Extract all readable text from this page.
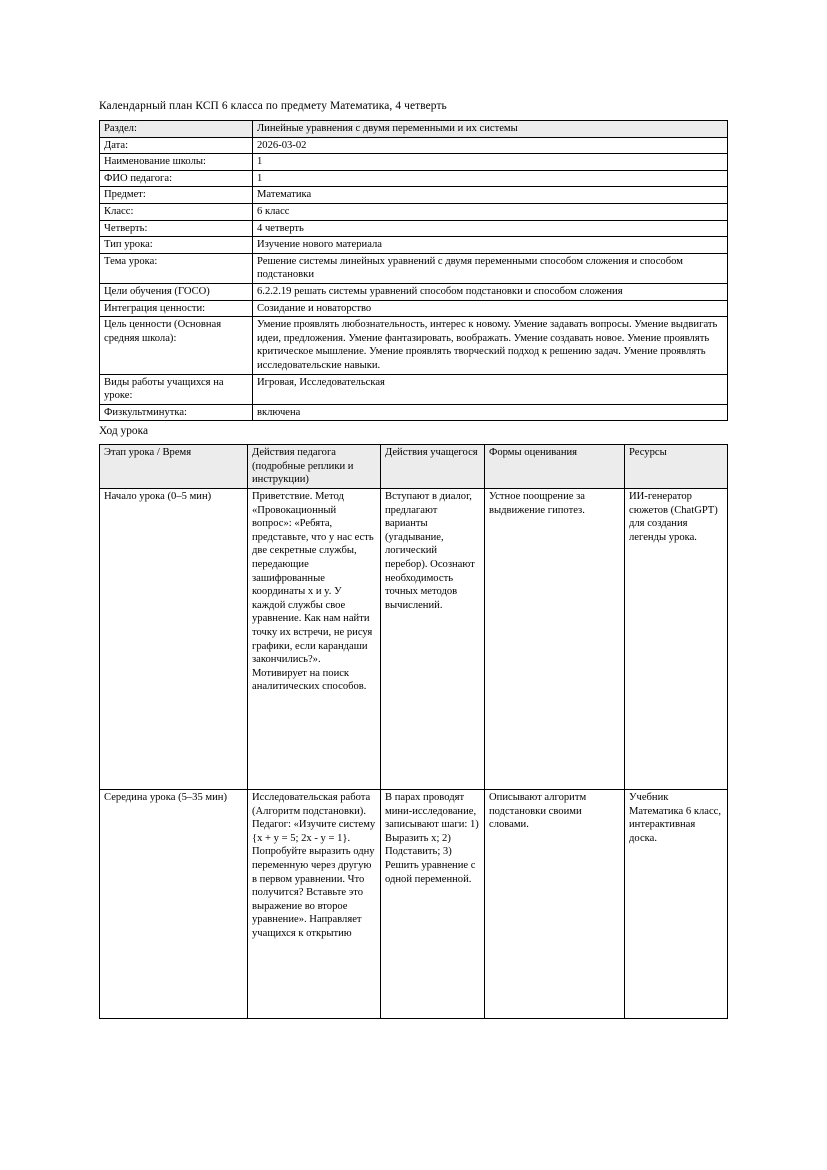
Календарный план КСП 6 класса по предмету Математика, 4 четверть
Раздел:	Линейные уравнения с двумя переменными и их системы
Дата:	2026-03-02
Наименование школы:	1
ФИО педагога:	1
Предмет:	Математика
Класс:	6 класс
Четверть:	4 четверть
Тип урока:	Изучение нового материала
Тема урока:	Решение системы линейных уравнений с двумя переменными способом сложения и способом подстановки
Цели обучения (ГОСО)	6.2.2.19 решать системы уравнений способом подстановки и способом сложения
Интеграция ценности:	Созидание и новаторство
Цель ценности (Основная средняя школа):	Умение проявлять любознательность, интерес к новому. Умение задавать вопросы. Умение выдвигать идеи, предложения. Умение фантазировать, воображать. Умение создавать новое. Умение проявлять критическое мышление. Умение проявлять творческий подход к решению задач. Умение проявлять исследовательские навыки.
Виды работы учащихся на уроке:	Игровая, Исследовательская
Физкультминутка:	включена
Ход урока
Этап урока / Время	Действия педагога (подробные реплики и инструкции)	Действия учащегося	Формы оценивания	Ресурсы
Начало урока (0–5 мин)	Приветствие. Метод «Провокационный вопрос»: «Ребята, представьте, что у нас есть две секретные службы, передающие зашифрованные координаты x и y. У каждой службы свое уравнение. Как нам найти точку их встречи, не рисуя графики, если карандаши закончились?». Мотивирует на поиск аналитических способов.	Вступают в диалог, предлагают варианты (угадывание, логический перебор). Осознают необходимость точных методов вычислений.	Устное поощрение за выдвижение гипотез.	ИИ-генератор сюжетов (ChatGPT) для создания легенды урока.
Середина урока (5–35 мин)	Исследовательская работа (Алгоритм подстановки). Педагог: «Изучите систему {x + y = 5; 2x - y = 1}. Попробуйте выразить одну переменную через другую в первом уравнении. Что получится? Вставьте это выражение во второе уравнение». Направляет учащихся к открытию	В парах проводят мини-исследование, записывают шаги: 1) Выразить x; 2) Подставить; 3) Решить уравнение с одной переменной.	Описывают алгоритм подстановки своими словами.	Учебник Математика 6 класс, интерактивная доска.
